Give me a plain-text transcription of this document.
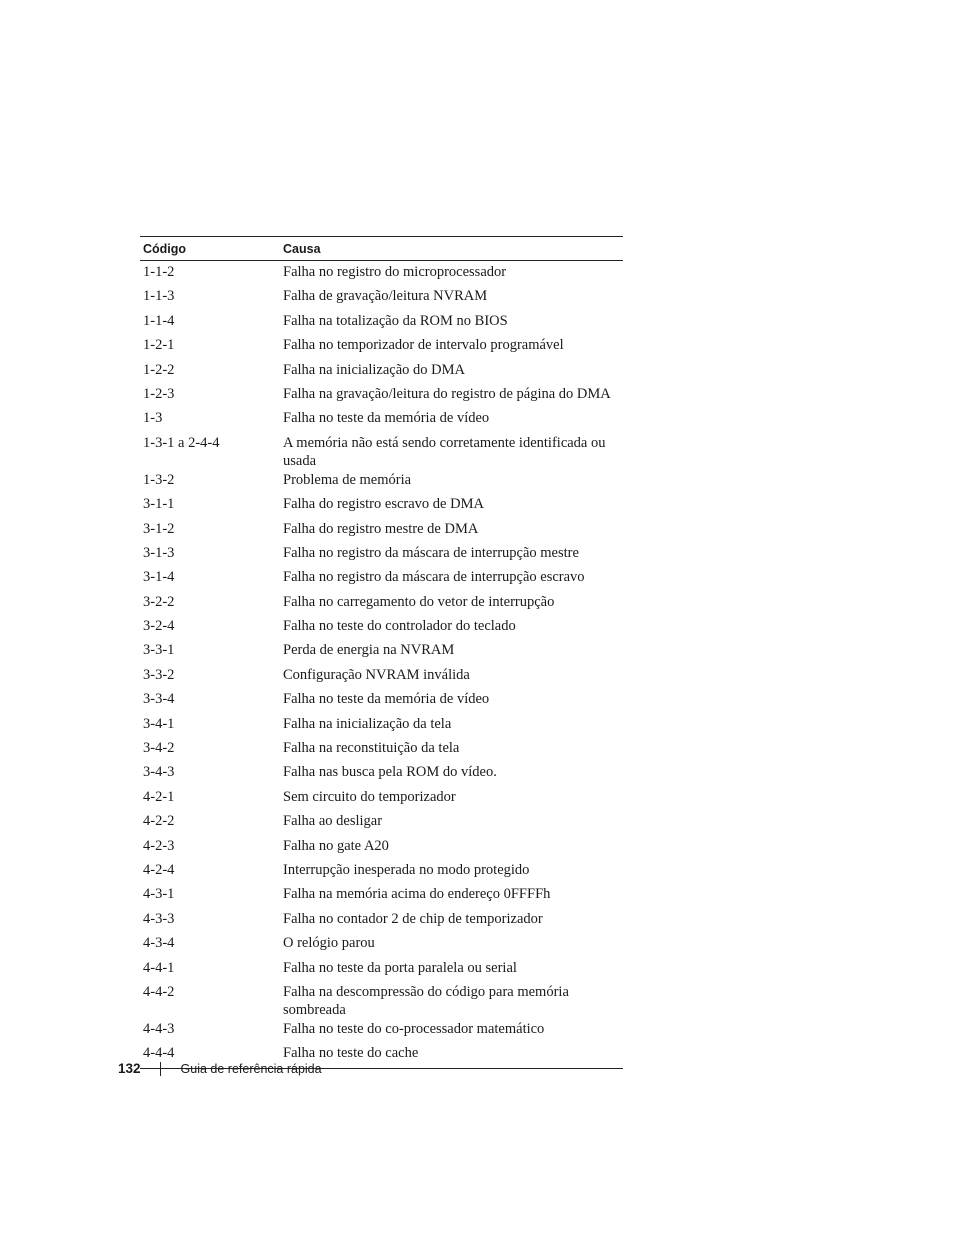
Código	Causa
1-1-2	Falha no registro do microprocessador
1-1-3	Falha de gravação/leitura NVRAM
1-1-4	Falha na totalização da ROM no BIOS
1-2-1	Falha no temporizador de intervalo programável
1-2-2	Falha na inicialização do DMA
1-2-3	Falha na gravação/leitura do registro de página do DMA
1-3	Falha no teste da memória de vídeo
1-3-1 a 2-4-4	A memória não está sendo corretamente identificada ou usada
1-3-2	Problema de memória
3-1-1	Falha do registro escravo de DMA
3-1-2	Falha do registro mestre de DMA
3-1-3	Falha no registro da máscara de interrupção mestre
3-1-4	Falha no registro da máscara de interrupção escravo
3-2-2	Falha no carregamento do vetor de interrupção
3-2-4	Falha no teste do controlador do teclado
3-3-1	Perda de energia na NVRAM
3-3-2	Configuração NVRAM inválida
3-3-4	Falha no teste da memória de vídeo
3-4-1	Falha na inicialização da tela
3-4-2	Falha na reconstituição da tela
3-4-3	Falha nas busca pela ROM do vídeo.
4-2-1	Sem circuito do temporizador
4-2-2	Falha ao desligar
4-2-3	Falha no gate A20
4-2-4	Interrupção inesperada no modo protegido
4-3-1	Falha na memória acima do endereço 0FFFFh
4-3-3	Falha no contador 2 de chip de temporizador
4-3-4	O relógio parou
4-4-1	Falha no teste da porta paralela ou serial
4-4-2	Falha na descompressão do código para memória sombreada
4-4-3	Falha no teste do co-processador matemático
4-4-4	Falha no teste do cache
132	Guia de referência rápida
